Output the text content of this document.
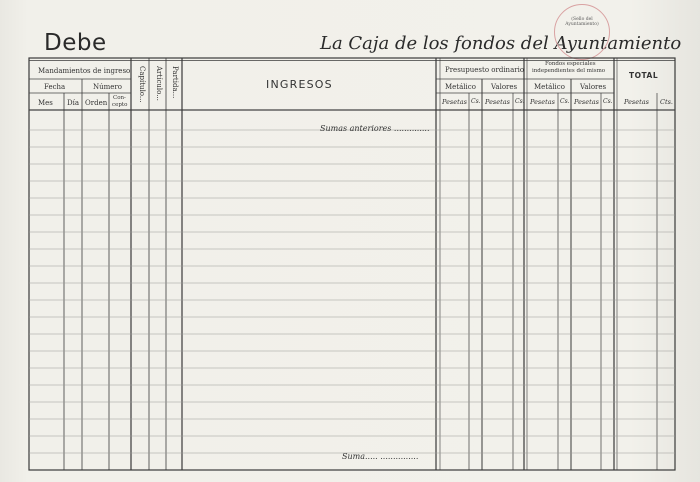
Debe	La Caja de los fondos del Ayuntamiento
(Sello del
Ayuntamiento)
Mandamientos de ingreso
Fecha	Número
Mes Día Orden
Con-
cepto
Capítulo... Artículo... Partida...	INGRESOS
Presupuesto ordinario
Fondos especiales
independientes del mismo	TOTAL
Metálico Valores Metálico Valores
Pesetas Cs. Pesetas Cs. Pesetas Cs. Pesetas Cs. Pesetas Cts.
Sumas anteriores ..............
Suma..... ...............
